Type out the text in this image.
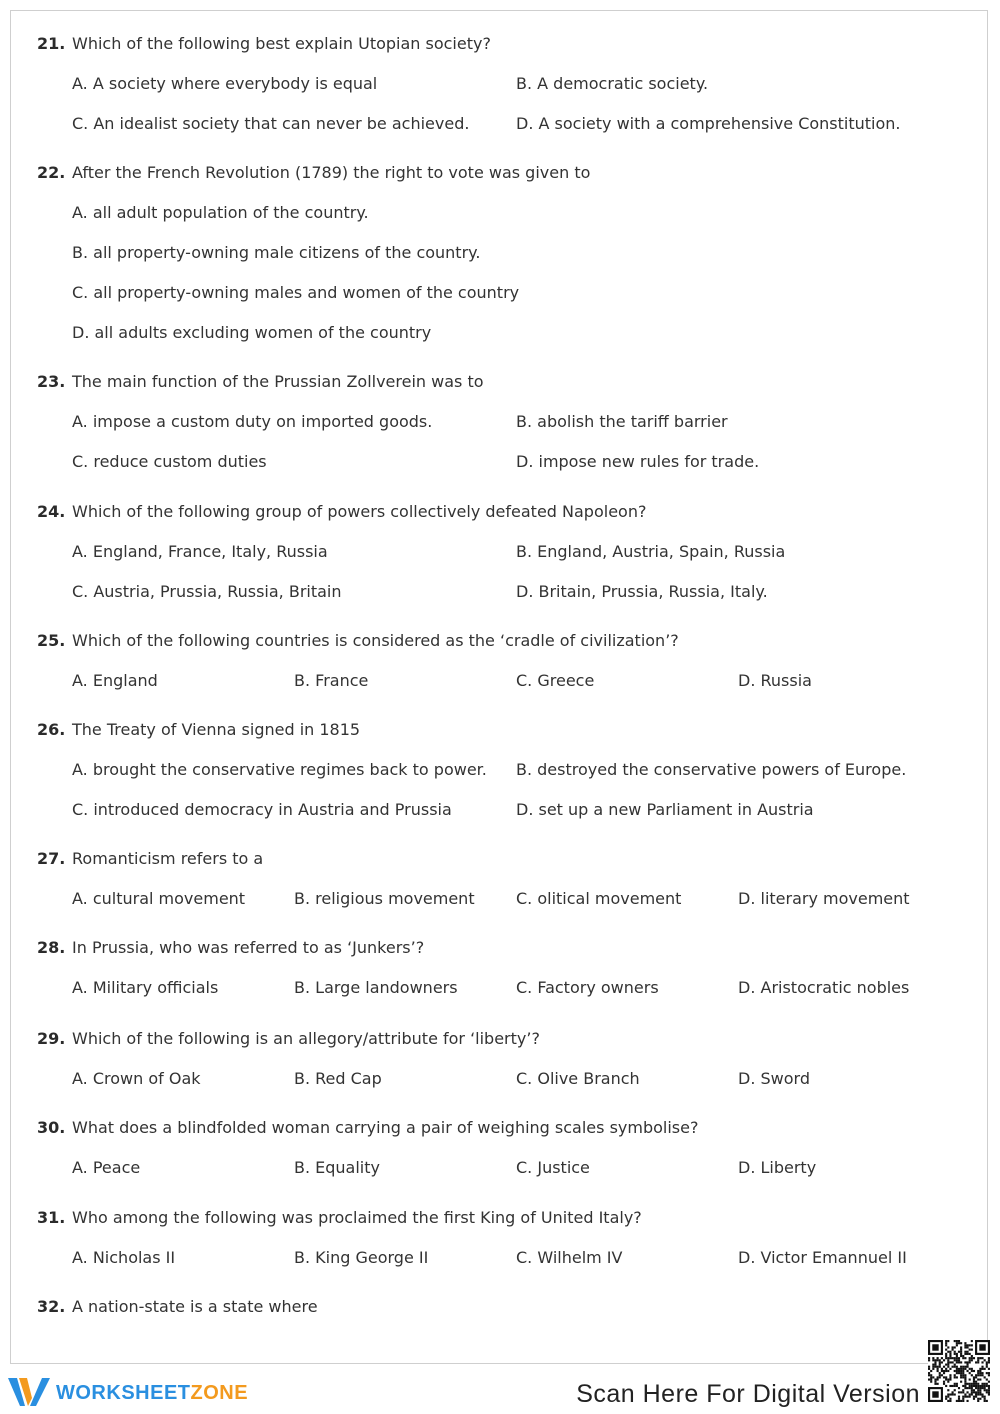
21. Which of the following best explain Utopian society?
A. A society where everybody is equal	B. A democratic society.
C. An idealist society that can never be achieved.	D. A society with a comprehensive Constitution.
22. After the French Revolution (1789) the right to vote was given to
A. all adult population of the country.
B. all property-owning male citizens of the country.
C. all property-owning males and women of the country
D. all adults excluding women of the country
23. The main function of the Prussian Zollverein was to
A. impose a custom duty on imported goods.	B. abolish the tariff barrier
C. reduce custom duties	D. impose new rules for trade.
24. Which of the following group of powers collectively defeated Napoleon?
A. England, France, Italy, Russia	B. England, Austria, Spain, Russia
C. Austria, Prussia, Russia, Britain	D. Britain, Prussia, Russia, Italy.
25. Which of the following countries is considered as the ‘cradle of civilization’?
A. England	B. France	C. Greece	D. Russia
26. The Treaty of Vienna signed in 1815
A. brought the conservative regimes back to power. B. destroyed the conservative powers of Europe.
C. introduced democracy in Austria and Prussia	D. set up a new Parliament in Austria
27. Romanticism refers to a
A. cultural movement	B. religious movement	C. olitical movement	D. literary movement
28. In Prussia, who was referred to as ‘Junkers’?
A. Military officials	B. Large landowners	C. Factory owners	D. Aristocratic nobles
29. Which of the following is an allegory/attribute for ‘liberty’?
A. Crown of Oak	B. Red Cap	C. Olive Branch	D. Sword
30. What does a blindfolded woman carrying a pair of weighing scales symbolise?
A. Peace	B. Equality	C. Justice	D. Liberty
31. Who among the following was proclaimed the first King of United Italy?
A. Nicholas II	B. King George II	C. Wilhelm IV	D. Victor Emannuel II
32. A nation-state is a state where
WORKSHEETZONE	Scan Here For Digital Version
